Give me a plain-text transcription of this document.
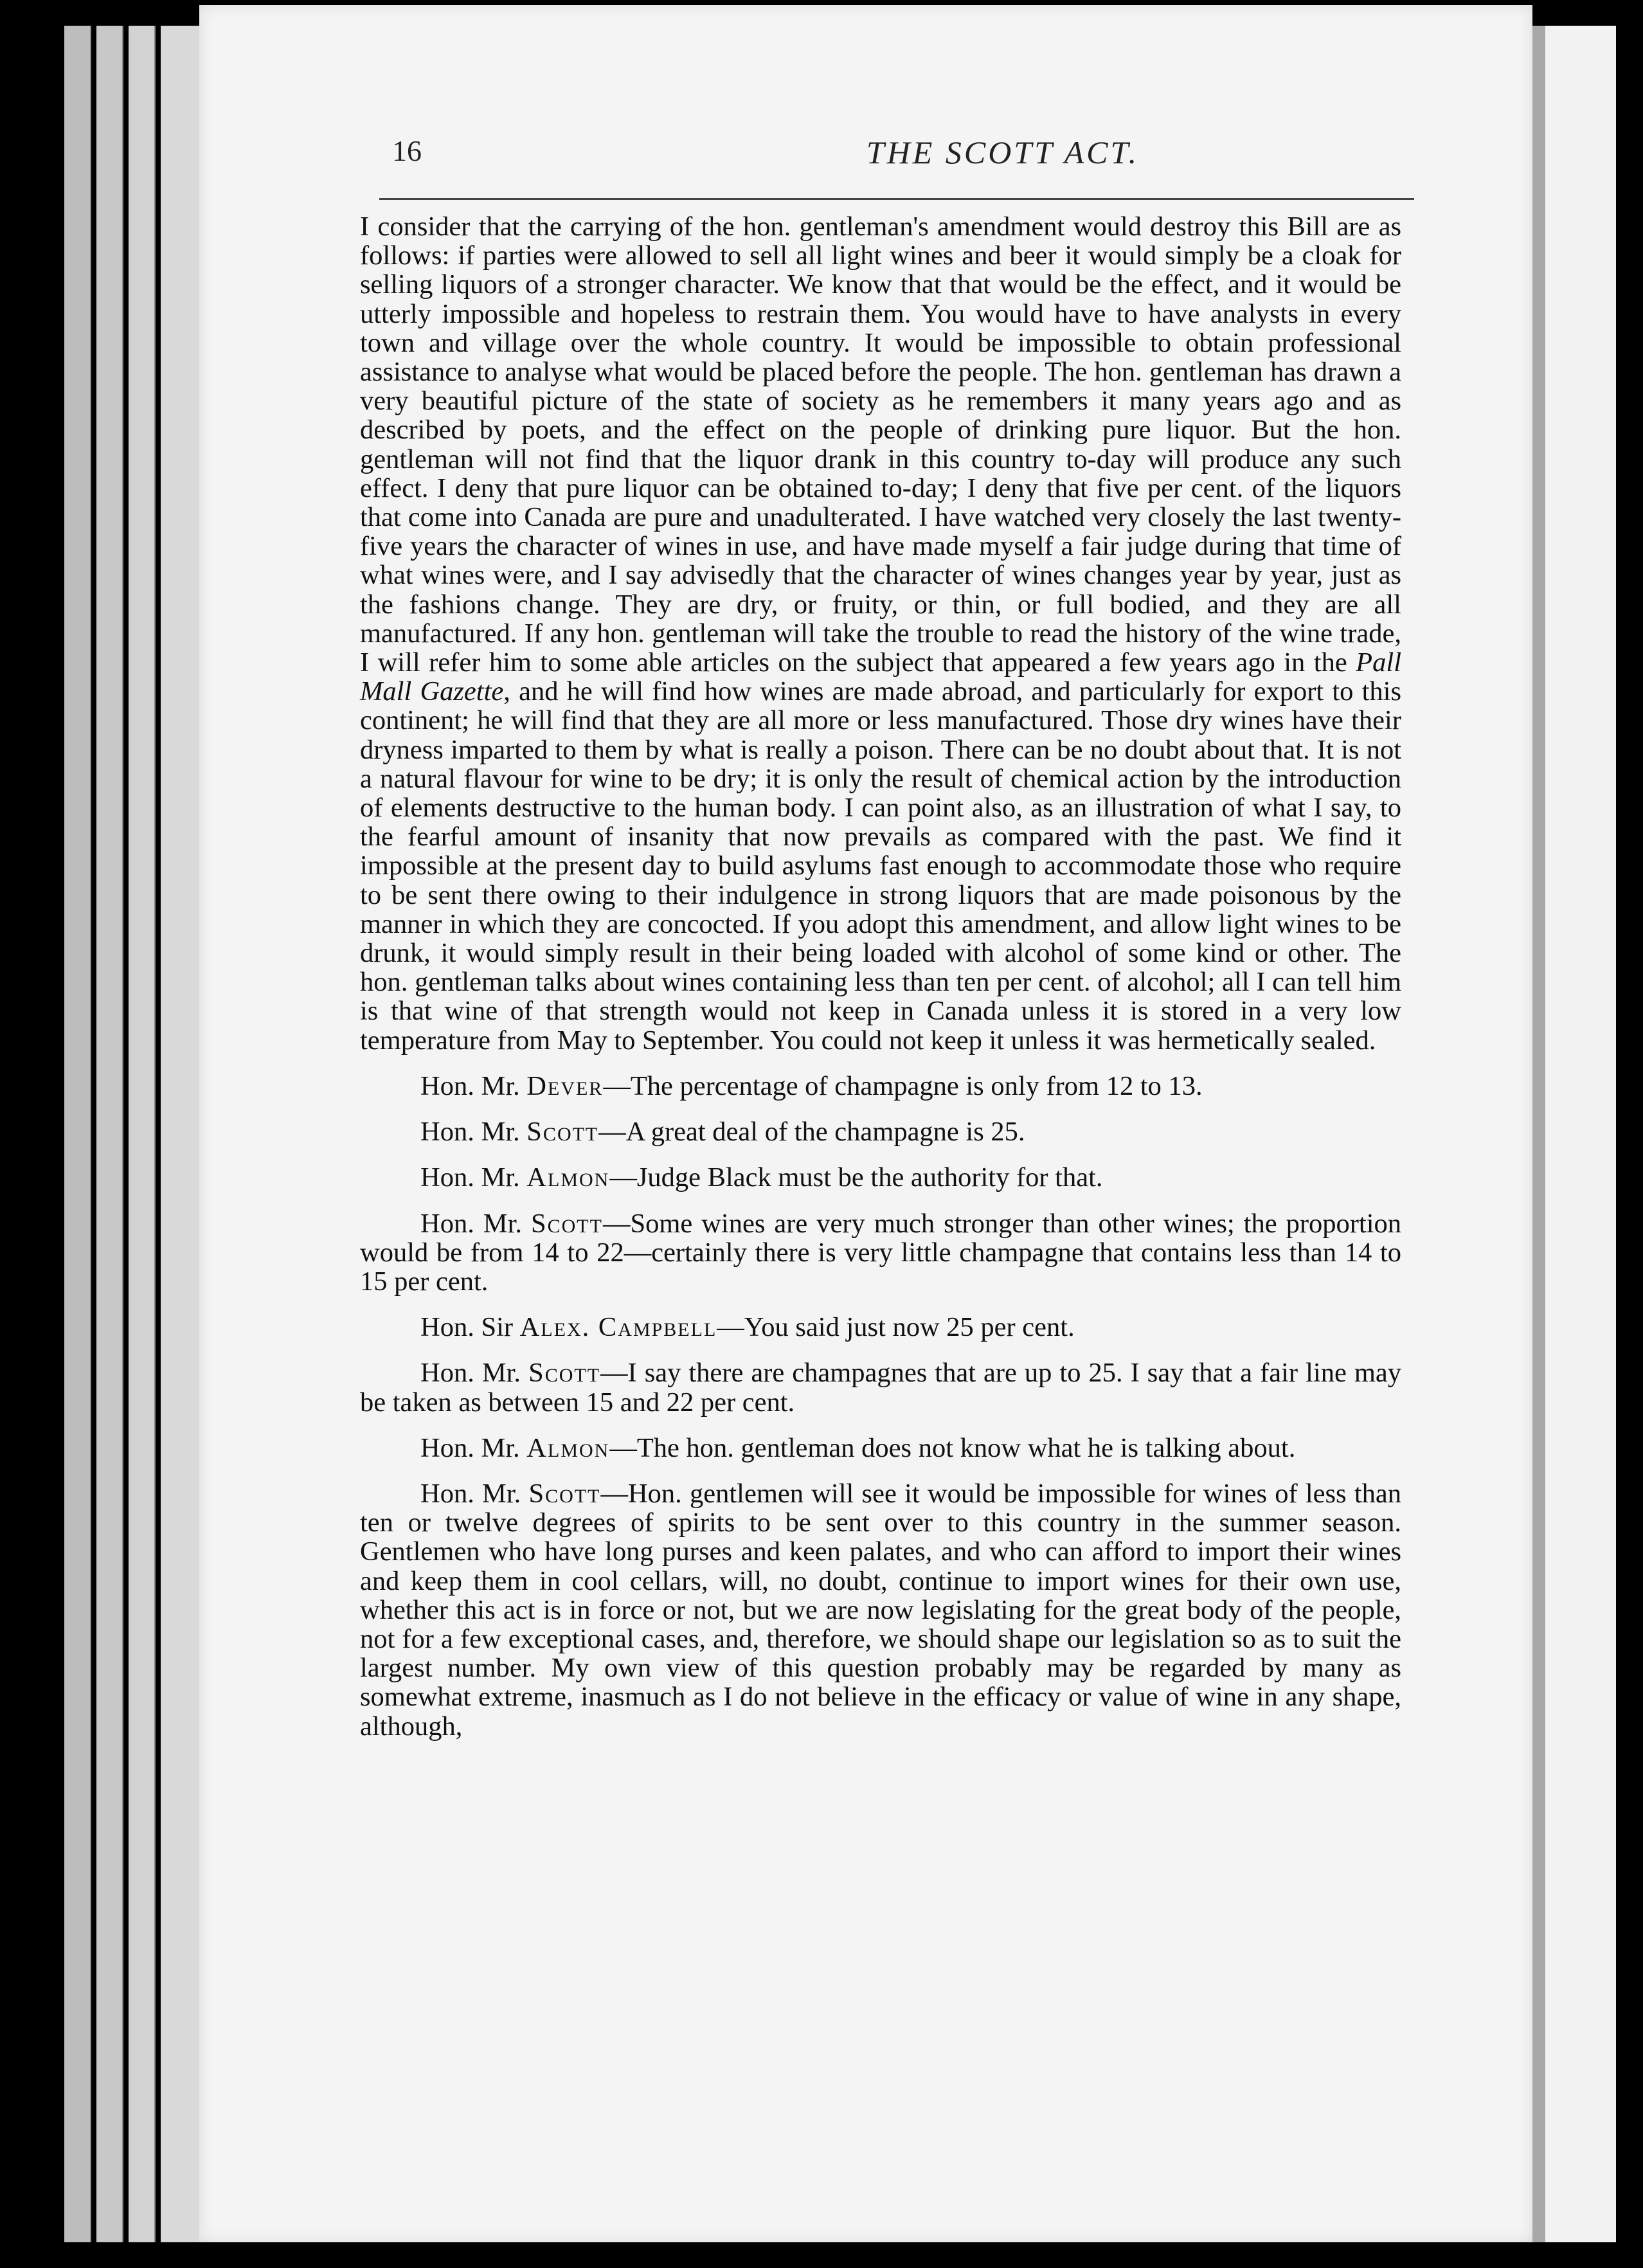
16	THE SCOTT ACT.

I consider that the carrying of the hon. gentleman's amendment would destroy this Bill are as follows: if parties were allowed to sell all light wines and beer it would simply be a cloak for selling liquors of a stronger character. We know that that would be the effect, and it would be utterly impossible and hopeless to restrain them. You would have to have analysts in every town and village over the whole country. It would be impossible to obtain professional assistance to analyse what would be placed before the people. The hon. gentleman has drawn a very beautiful picture of the state of society as he remembers it many years ago and as described by poets, and the effect on the people of drinking pure liquor. But the hon. gentleman will not find that the liquor drank in this country to-day will produce any such effect. I deny that pure liquor can be obtained to-day; I deny that five per cent. of the liquors that come into Canada are pure and unadulterated. I have watched very closely the last twenty-five years the character of wines in use, and have made myself a fair judge during that time of what wines were, and I say advisedly that the character of wines changes year by year, just as the fashions change. They are dry, or fruity, or thin, or full bodied, and they are all manufactured. If any hon. gentleman will take the trouble to read the history of the wine trade, I will refer him to some able articles on the subject that appeared a few years ago in the Pall Mall Gazette, and he will find how wines are made abroad, and particularly for export to this continent; he will find that they are all more or less manufactured. Those dry wines have their dryness imparted to them by what is really a poison. There can be no doubt about that. It is not a natural flavour for wine to be dry; it is only the result of chemical action by the introduction of elements destructive to the human body. I can point also, as an illustration of what I say, to the fearful amount of insanity that now prevails as compared with the past. We find it impossible at the present day to build asylums fast enough to accommodate those who require to be sent there owing to their indulgence in strong liquors that are made poisonous by the manner in which they are concocted. If you adopt this amendment, and allow light wines to be drunk, it would simply result in their being loaded with alcohol of some kind or other. The hon. gentleman talks about wines containing less than ten per cent. of alcohol; all I can tell him is that wine of that strength would not keep in Canada unless it is stored in a very low temperature from May to September. You could not keep it unless it was hermetically sealed.

Hon. Mr. Dever—The percentage of champagne is only from 12 to 13.

Hon. Mr. Scott—A great deal of the champagne is 25.

Hon. Mr. Almon—Judge Black must be the authority for that.

Hon. Mr. Scott—Some wines are very much stronger than other wines; the proportion would be from 14 to 22—certainly there is very little champagne that contains less than 14 to 15 per cent.

Hon. Sir Alex. Campbell—You said just now 25 per cent.

Hon. Mr. Scott—I say there are champagnes that are up to 25. I say that a fair line may be taken as between 15 and 22 per cent.

Hon. Mr. Almon—The hon. gentleman does not know what he is talking about.

Hon. Mr. Scott—Hon. gentlemen will see it would be impossible for wines of less than ten or twelve degrees of spirits to be sent over to this country in the summer season. Gentlemen who have long purses and keen palates, and who can afford to import their wines and keep them in cool cellars, will, no doubt, continue to import wines for their own use, whether this act is in force or not, but we are now legislating for the great body of the people, not for a few exceptional cases, and, therefore, we should shape our legislation so as to suit the largest number. My own view of this question probably may be regarded by many as somewhat extreme, inasmuch as I do not believe in the efficacy or value of wine in any shape, although,
